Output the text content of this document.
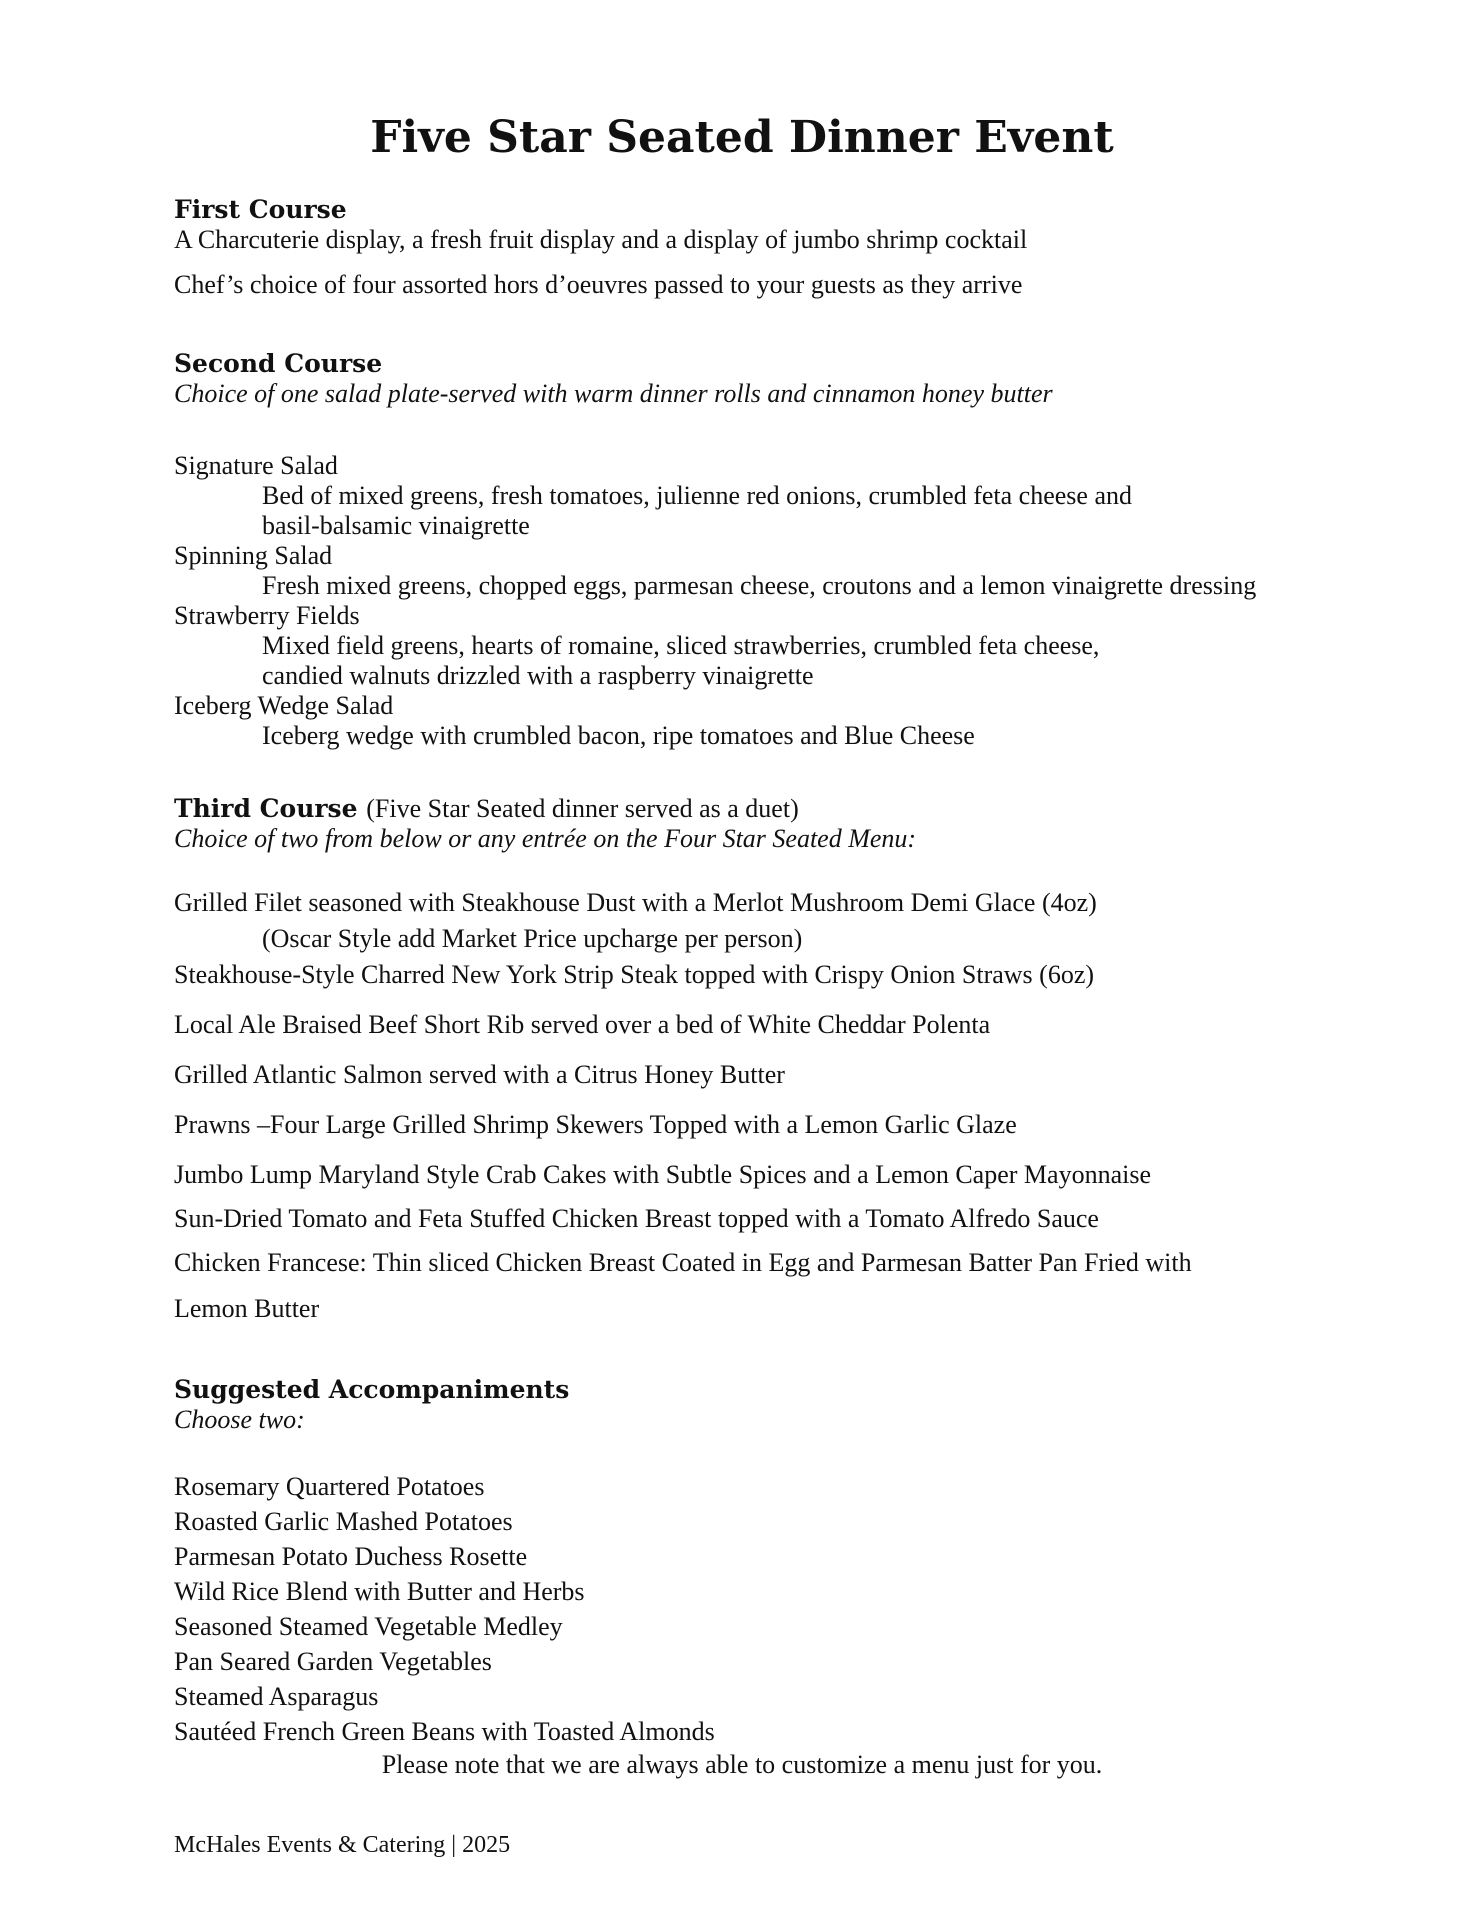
Five Star Seated Dinner Event
First Course
A Charcuterie display, a fresh fruit display and a display of jumbo shrimp cocktail
Chef’s choice of four assorted hors d’oeuvres passed to your guests as they arrive
Second Course
Choice of one salad plate-served with warm dinner rolls and cinnamon honey butter
Signature Salad
Bed of mixed greens, fresh tomatoes, julienne red onions, crumbled feta cheese and
basil-balsamic vinaigrette
Spinning Salad
Fresh mixed greens, chopped eggs, parmesan cheese, croutons and a lemon vinaigrette dressing
Strawberry Fields
Mixed field greens, hearts of romaine, sliced strawberries, crumbled feta cheese,
candied walnuts drizzled with a raspberry vinaigrette
Iceberg Wedge Salad
Iceberg wedge with crumbled bacon, ripe tomatoes and Blue Cheese
Third Course (Five Star Seated dinner served as a duet)
Choice of two from below or any entrée on the Four Star Seated Menu:
Grilled Filet seasoned with Steakhouse Dust with a Merlot Mushroom Demi Glace (4oz)
(Oscar Style add Market Price upcharge per person)
Steakhouse-Style Charred New York Strip Steak topped with Crispy Onion Straws (6oz)
Local Ale Braised Beef Short Rib served over a bed of White Cheddar Polenta
Grilled Atlantic Salmon served with a Citrus Honey Butter
Prawns –Four Large Grilled Shrimp Skewers Topped with a Lemon Garlic Glaze
Jumbo Lump Maryland Style Crab Cakes with Subtle Spices and a Lemon Caper Mayonnaise
Sun-Dried Tomato and Feta Stuffed Chicken Breast topped with a Tomato Alfredo Sauce
Chicken Francese: Thin sliced Chicken Breast Coated in Egg and Parmesan Batter Pan Fried with
Lemon Butter
Suggested Accompaniments
Choose two:
Rosemary Quartered Potatoes
Roasted Garlic Mashed Potatoes
Parmesan Potato Duchess Rosette
Wild Rice Blend with Butter and Herbs
Seasoned Steamed Vegetable Medley
Pan Seared Garden Vegetables
Steamed Asparagus
Sautéed French Green Beans with Toasted Almonds
Please note that we are always able to customize a menu just for you.
McHales Events & Catering | 2025
